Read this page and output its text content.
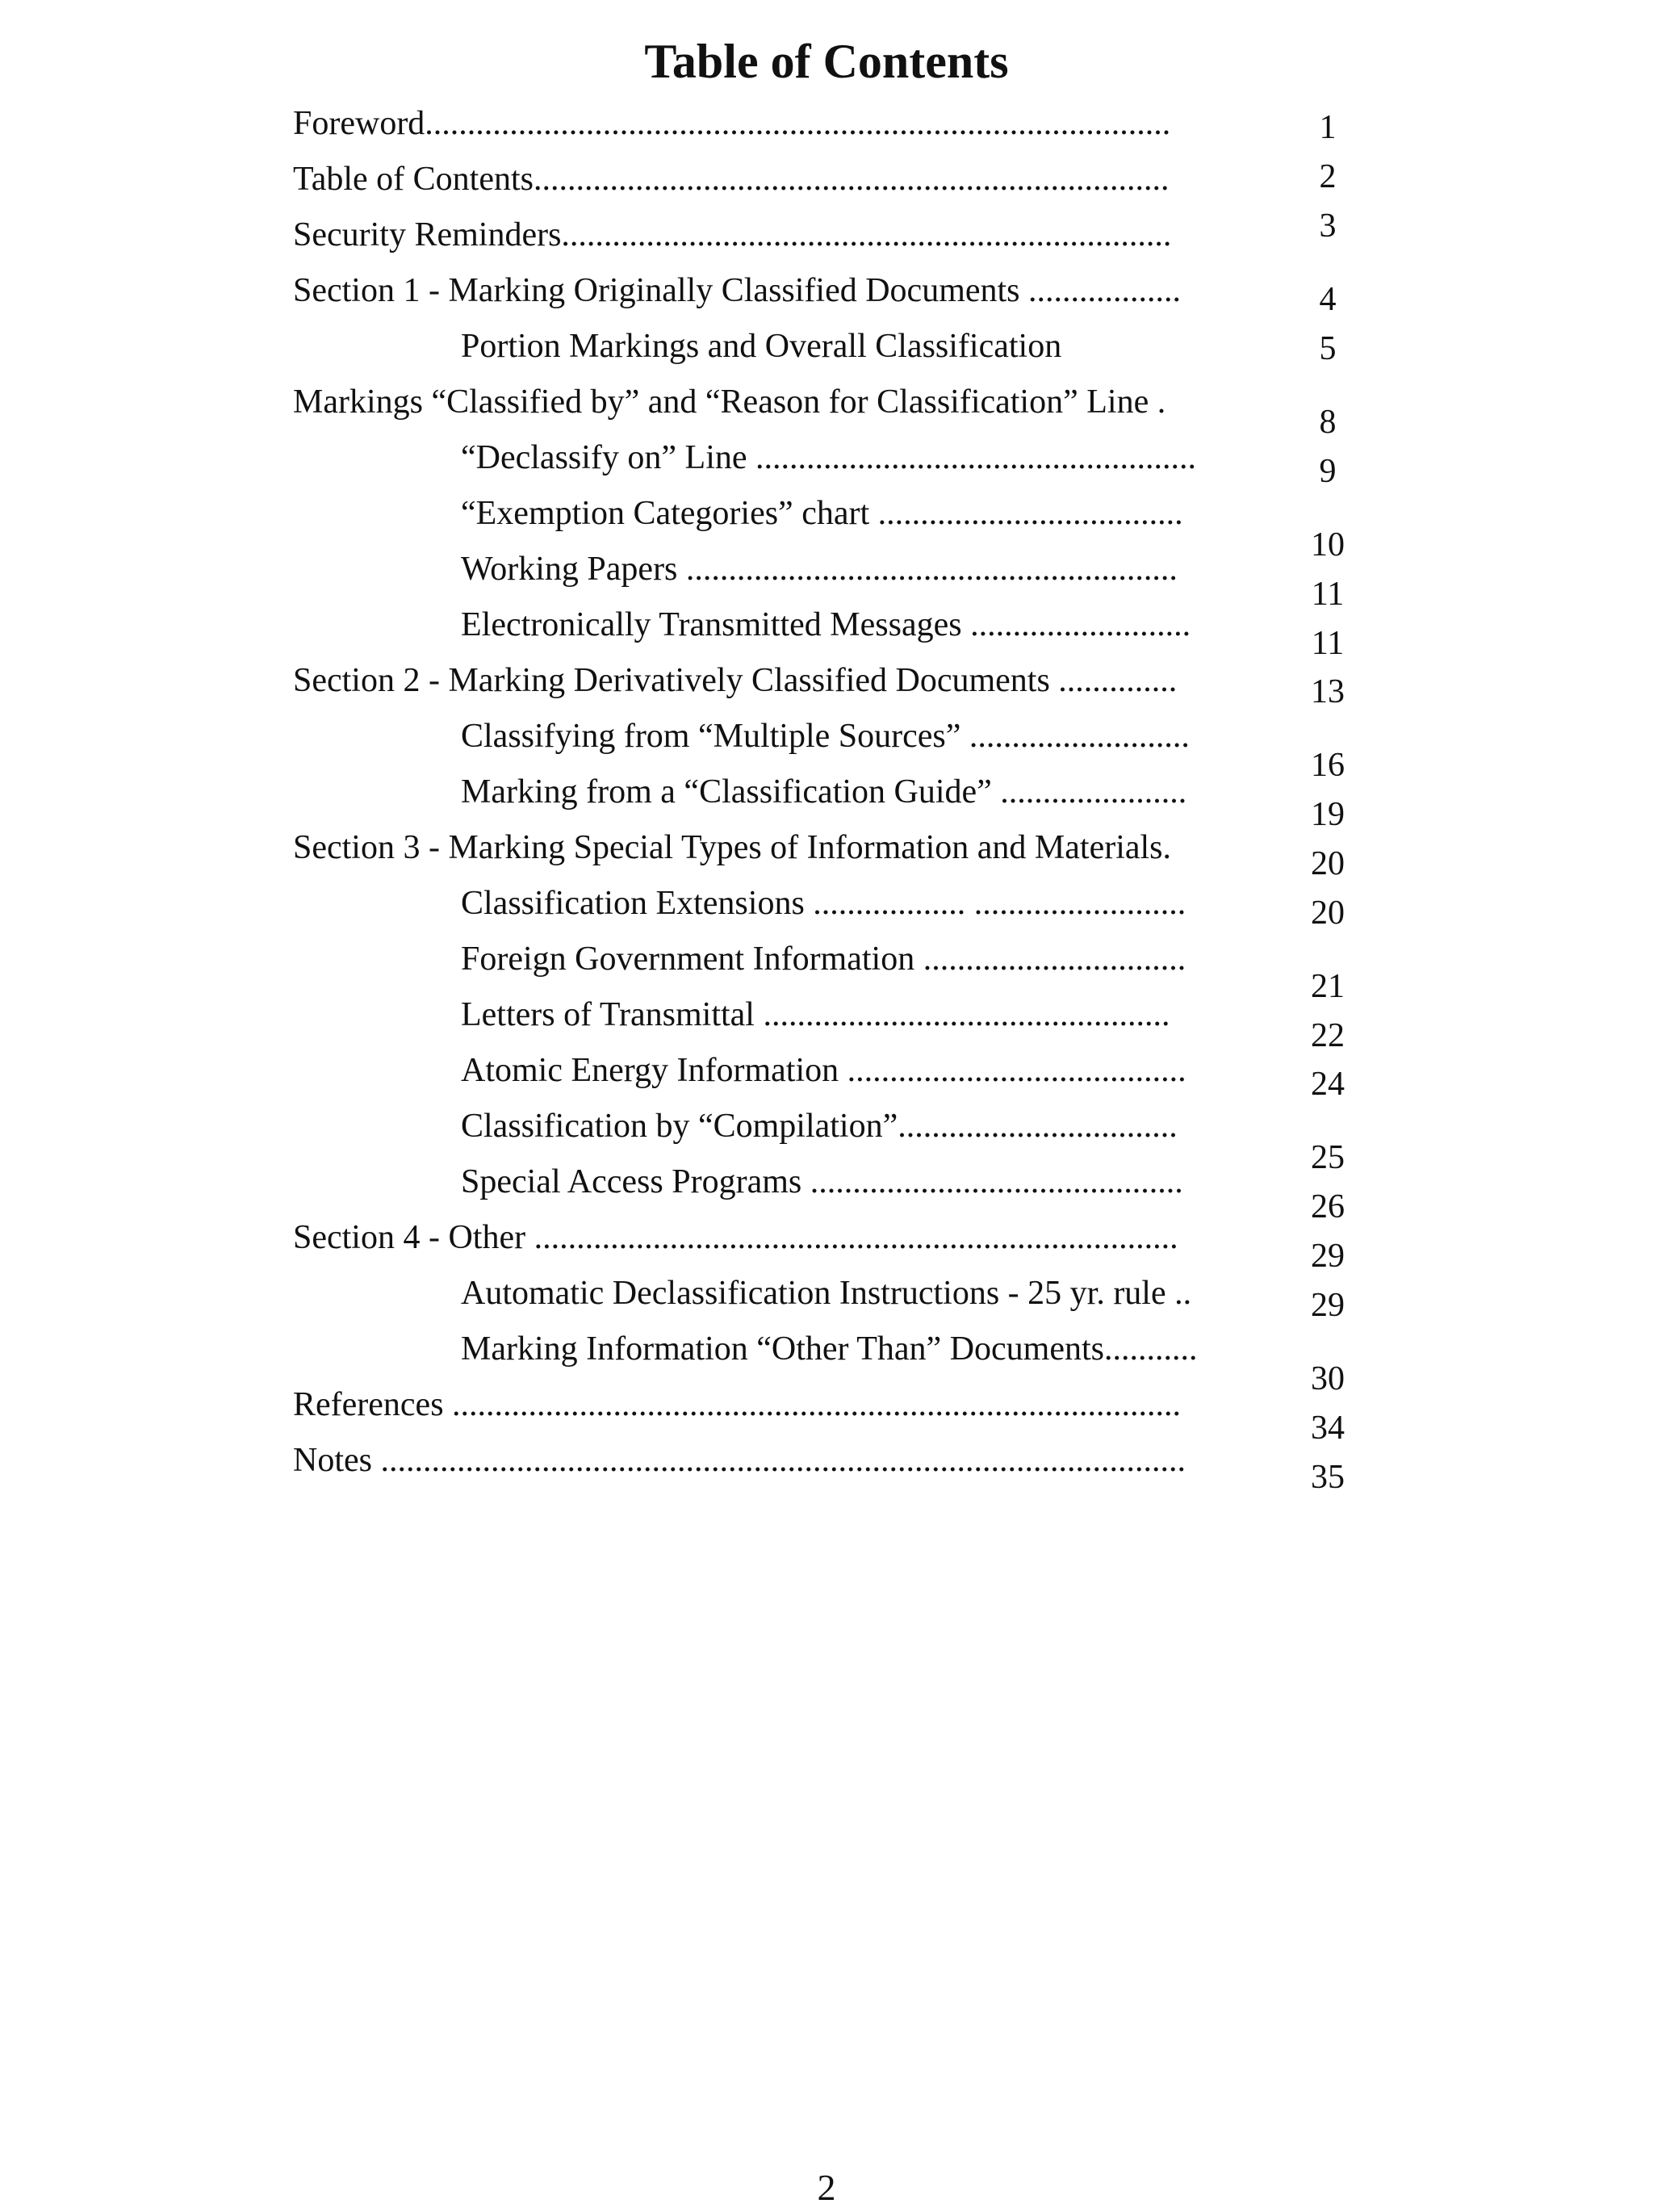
Table of Contents
Foreword........................................................................................
Table of Contents...........................................................................
Security Reminders........................................................................
Section 1 - Marking Originally Classified Documents ..................
Portion Markings and Overall Classification
Markings “Classified by” and “Reason for Classification” Line .
“Declassify on” Line ....................................................
“Exemption Categories” chart ....................................
Working Papers ..........................................................
Electronically Transmitted Messages ..........................
Section 2 - Marking Derivatively Classified Documents ..............
Classifying from “Multiple Sources” ..........................
Marking from a “Classification Guide” ......................
Section 3 - Marking Special Types of Information and Materials.
Classification Extensions .................. .........................
Foreign Government Information ...............................
Letters of Transmittal ................................................
Atomic Energy Information ........................................
Classification by “Compilation”.................................
Special Access Programs ............................................
Section 4 - Other ............................................................................
Automatic Declassification Instructions - 25 yr. rule ..
Marking Information “Other Than” Documents...........
References ......................................................................................
Notes ...............................................................................................
1
2
3
4
5
8
9
10
11
11
13
16
19
20
20
21
22
24
25
26
29
29
30
34
35
2
